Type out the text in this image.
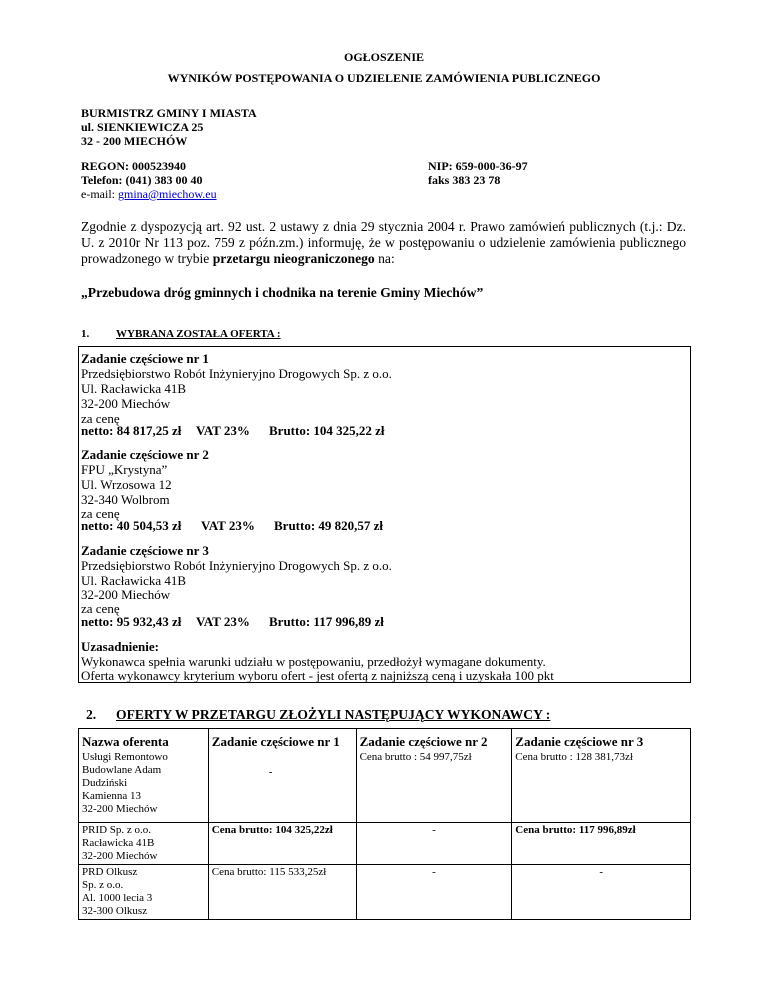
OGŁOSZENIE
WYNIKÓW POSTĘPOWANIA O UDZIELENIE ZAMÓWIENIA PUBLICZNEGO
BURMISTRZ GMINY I MIASTA
ul. SIENKIEWICZA 25
32 - 200 MIECHÓW
REGON: 000523940
Telefon: (041) 383 00 40
e-mail: gmina@miechow.eu
NIP: 659-000-36-97
faks 383 23 78
Zgodnie z dyspozycją art. 92 ust. 2 ustawy z dnia 29 stycznia 2004 r. Prawo zamówień publicznych (t.j.: Dz. U. z 2010r Nr 113 poz. 759 z późn.zm.) informuję, że w postępowaniu o udzielenie zamówienia publicznego prowadzonego w trybie przetargu nieograniczonego na:
„Przebudowa dróg gminnych i chodnika na terenie Gminy Miechów”
1. WYBRANA ZOSTAŁA OFERTA :
Zadanie częściowe nr 1
Przedsiębiorstwo Robót Inżynieryjno Drogowych Sp. z o.o.
Ul. Racławicka 41B
32-200 Miechów
za cenę
netto: 84 817,25 zł VAT 23% Brutto: 104 325,22 zł
Zadanie częściowe nr 2
FPU „Krystyna”
Ul. Wrzosowa 12
32-340 Wolbrom
za cenę
netto: 40 504,53 zł VAT 23% Brutto: 49 820,57 zł
Zadanie częściowe nr 3
Przedsiębiorstwo Robót Inżynieryjno Drogowych Sp. z o.o.
Ul. Racławicka 41B
32-200 Miechów
za cenę
netto: 95 932,43 zł VAT 23% Brutto: 117 996,89 zł
Uzasadnienie:
Wykonawca spełnia warunki udziału w postępowaniu, przedłożył wymagane dokumenty.
Oferta wykonawcy kryterium wyboru ofert - jest ofertą z najniższą ceną i uzyskała 100 pkt
2. OFERTY W PRZETARGU ZŁOŻYLI NASTĘPUJĄCY WYKONAWCY :
Nazwa oferenta	Zadanie częściowe nr 1	Zadanie częściowe nr 2	Zadanie częściowe nr 3

Usługi Remontowo
Budowlane Adam
Dudziński
Kamienna 13
32-200 Miechów	-	Cena brutto : 54 997,75zł	Cena brutto : 128 381,73zł

PRID Sp. z o.o.
Racławicka 41B
32-200 Miechów	Cena brutto: 104 325,22zł	-	Cena brutto: 117 996,89zł

PRD Olkusz
Sp. z o.o.
Al. 1000 lecia 3
32-300 Olkusz	Cena brutto: 115 533,25zł	-	-
